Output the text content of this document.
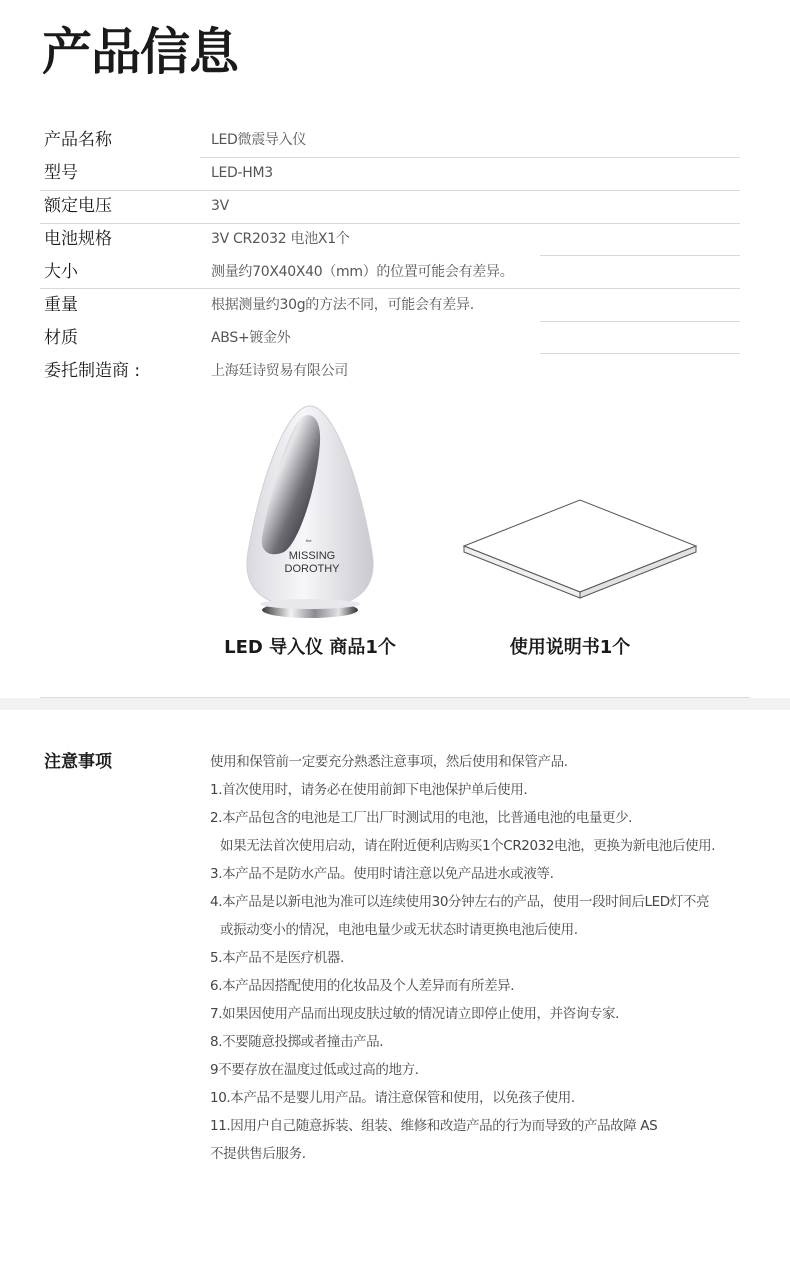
产品信息
产品名称	LED微震导入仪
型号	LED-HM3
额定电压	3V
电池规格	3V CR2032 电池X1个
大小	测量约70X40X40（mm）的位置可能会有差异。
重量	根据测量约30g的方法不同，可能会有差异.
材质	ABS+镀金外
委托制造商 :	上海廷诗贸易有限公司
the
MISSING
DOROTHY
LED 导入仪 商品1个	使用说明书1个
注意事项	使用和保管前一定要充分熟悉注意事项，然后使用和保管产品.
1.首次使用时，请务必在使用前卸下电池保护单后使用.
2.本产品包含的电池是工厂出厂时测试用的电池，比普通电池的电量更少.
如果无法首次使用启动，请在附近便利店购买1个CR2032电池，更换为新电池后使用.
3.本产品不是防水产品。使用时请注意以免产品进水或液等.
4.本产品是以新电池为准可以连续使用30分钟左右的产品，使用一段时间后LED灯不亮
或振动变小的情况，电池电量少或无状态时请更换电池后使用.
5.本产品不是医疗机器.
6.本产品因搭配使用的化妆品及个人差异而有所差异.
7.如果因使用产品而出现皮肤过敏的情况请立即停止使用，并咨询专家.
8.不要随意投掷或者撞击产品.
9不要存放在温度过低或过高的地方.
10.本产品不是婴儿用产品。请注意保管和使用，以免孩子使用.
11.因用户自己随意拆装、组装、维修和改造产品的行为而导致的产品故障 AS
不提供售后服务.
